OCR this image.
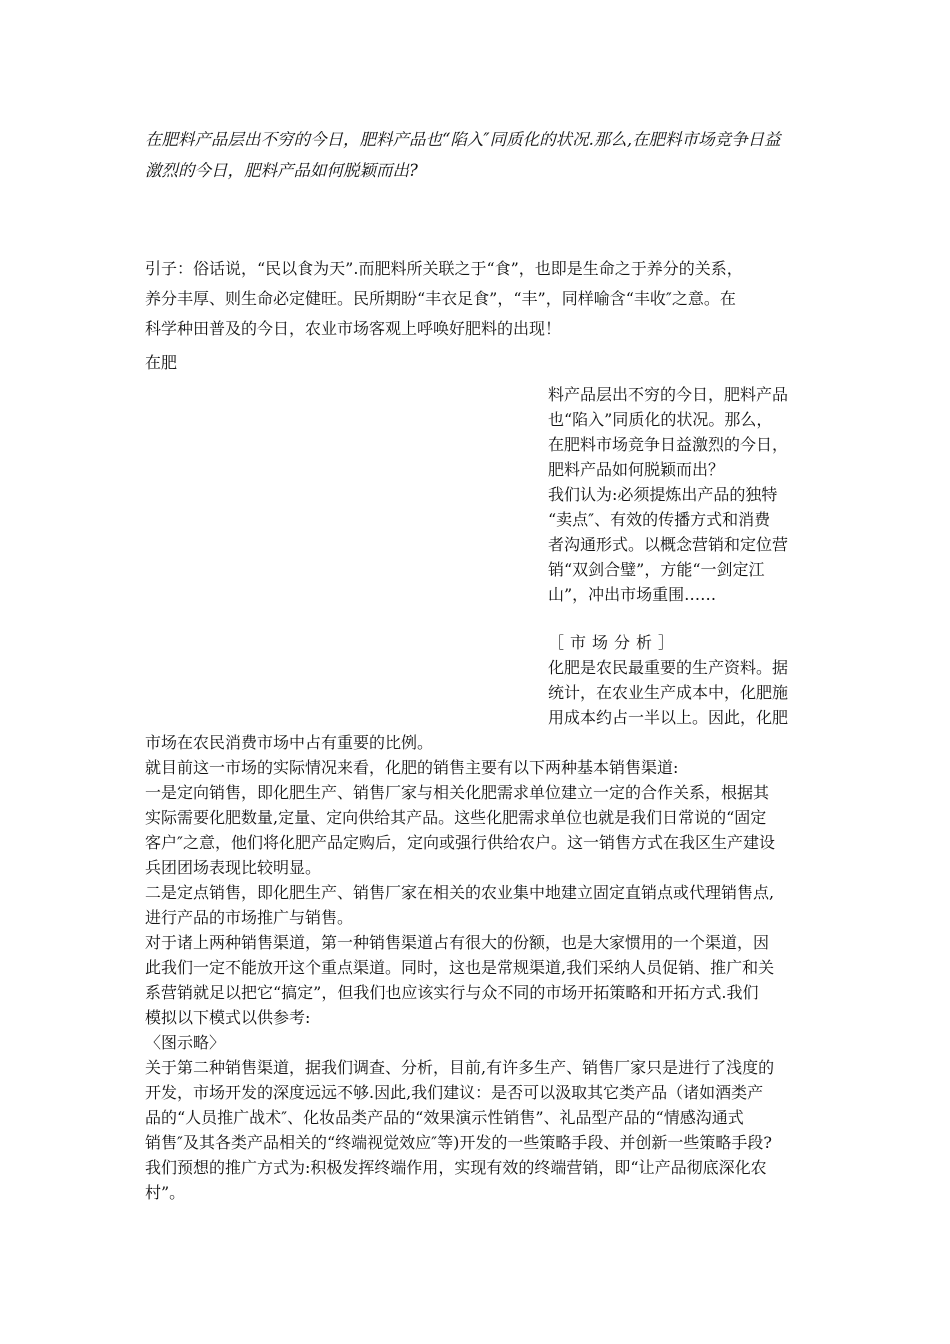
在肥料产品层出不穷的今日，肥料产品也“陷入″同质化的状况.那么,在肥料市场竞争日益
激烈的今日，肥料产品如何脱颖而出?
引子：俗话说，“民以食为天”.而肥料所关联之于“食”，也即是生命之于养分的关系，
养分丰厚、则生命必定健旺。民所期盼“丰衣足食”，“丰”，同样喻含“丰收″之意。在
科学种田普及的今日，农业市场客观上呼唤好肥料的出现！
在肥
料产品层出不穷的今日，肥料产品
也“陷入”同质化的状况。那么，
在肥料市场竞争日益激烈的今日，
肥料产品如何脱颖而出？
我们认为:必须提炼出产品的独特
“卖点″、有效的传播方式和消费
者沟通形式。以概念营销和定位营
销“双剑合璧”，方能“一剑定江
山”，冲出市场重围……
［市场分析］
化肥是农民最重要的生产资料。据
统计，在农业生产成本中，化肥施
用成本约占一半以上。因此，化肥
市场在农民消费市场中占有重要的比例。
就目前这一市场的实际情况来看，化肥的销售主要有以下两种基本销售渠道:
一是定向销售，即化肥生产、销售厂家与相关化肥需求单位建立一定的合作关系，根据其
实际需要化肥数量,定量、定向供给其产品。这些化肥需求单位也就是我们日常说的“固定
客户″之意，他们将化肥产品定购后，定向或强行供给农户。这一销售方式在我区生产建设
兵团团场表现比较明显。
二是定点销售，即化肥生产、销售厂家在相关的农业集中地建立固定直销点或代理销售点,
进行产品的市场推广与销售。
对于诸上两种销售渠道，第一种销售渠道占有很大的份额，也是大家惯用的一个渠道，因
此我们一定不能放开这个重点渠道。同时，这也是常规渠道,我们采纳人员促销、推广和关
系营销就足以把它“搞定”，但我们也应该实行与众不同的市场开拓策略和开拓方式.我们
模拟以下模式以供参考:
〈图示略〉
关于第二种销售渠道，据我们调查、分析，目前,有许多生产、销售厂家只是进行了浅度的
开发，市场开发的深度远远不够.因此,我们建议：是否可以汲取其它类产品（诸如酒类产
品的“人员推广战术″、化妆品类产品的“效果演示性销售”、礼品型产品的“情感沟通式
销售″及其各类产品相关的“终端视觉效应″等)开发的一些策略手段、并创新一些策略手段?
我们预想的推广方式为:积极发挥终端作用，实现有效的终端营销，即“让产品彻底深化农
村”。
